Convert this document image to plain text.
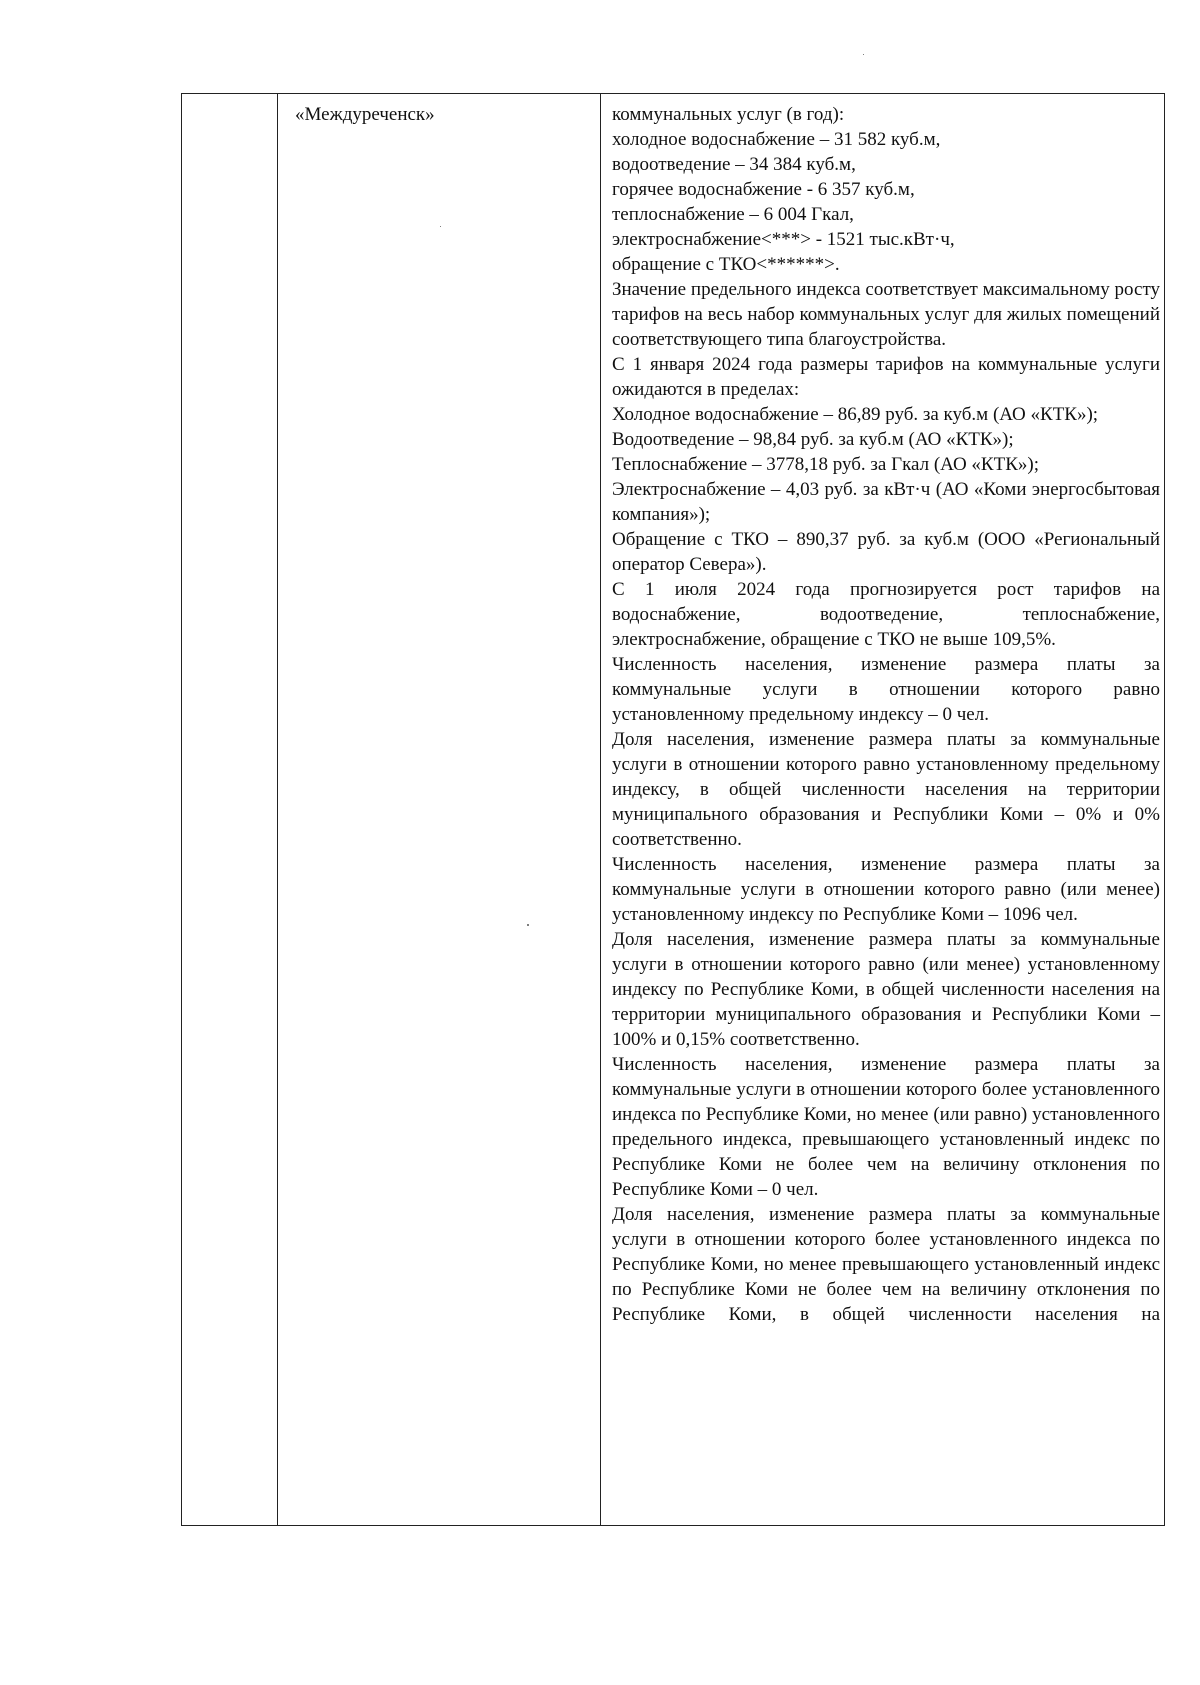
«Междуреченск»	коммунальных услуг (в год):
холодное водоснабжение – 31 582 куб.м,
водоотведение – 34 384 куб.м,
горячее водоснабжение - 6 357 куб.м,
теплоснабжение – 6 004 Гкал,
электроснабжение<***> - 1521 тыс.кВт·ч,
обращение с ТКО<******>.
Значение предельного индекса соответствует максимальному росту тарифов на весь набор коммунальных услуг для жилых помещений соответствующего типа благоустройства.
С 1 января 2024 года размеры тарифов на коммунальные услуги ожидаются в пределах:
Холодное водоснабжение – 86,89 руб. за куб.м (АО «КТК»);
Водоотведение – 98,84 руб. за куб.м (АО «КТК»);
Теплоснабжение – 3778,18 руб. за Гкал (АО «КТК»);
Электроснабжение – 4,03 руб. за кВт·ч (АО «Коми энергосбытовая компания»);
Обращение с ТКО – 890,37 руб. за куб.м (ООО «Региональный оператор Севера»).
С 1 июля 2024 года прогнозируется рост тарифов на водоснабжение, водоотведение, теплоснабжение, электроснабжение, обращение с ТКО не выше 109,5%.
Численность населения, изменение размера платы за коммунальные услуги в отношении которого равно установленному предельному индексу – 0 чел.
Доля населения, изменение размера платы за коммунальные услуги в отношении которого равно установленному предельному индексу, в общей численности населения на территории муниципального образования и Республики Коми – 0% и 0% соответственно.
Численность населения, изменение размера платы за коммунальные услуги в отношении которого равно (или менее) установленному индексу по Республике Коми – 1096 чел.
Доля населения, изменение размера платы за коммунальные услуги в отношении которого равно (или менее) установленному индексу по Республике Коми, в общей численности населения на территории муниципального образования и Республики Коми – 100% и 0,15% соответственно.
Численность населения, изменение размера платы за коммунальные услуги в отношении которого более установленного индекса по Республике Коми, но менее (или равно) установленного предельного индекса, превышающего установленный индекс по Республике Коми не более чем на величину отклонения по Республике Коми – 0 чел.
Доля населения, изменение размера платы за коммунальные услуги в отношении которого более установленного индекса по Республике Коми, но менее превышающего установленный индекс по Республике Коми не более чем на величину отклонения по Республике Коми, в общей численности населения на
